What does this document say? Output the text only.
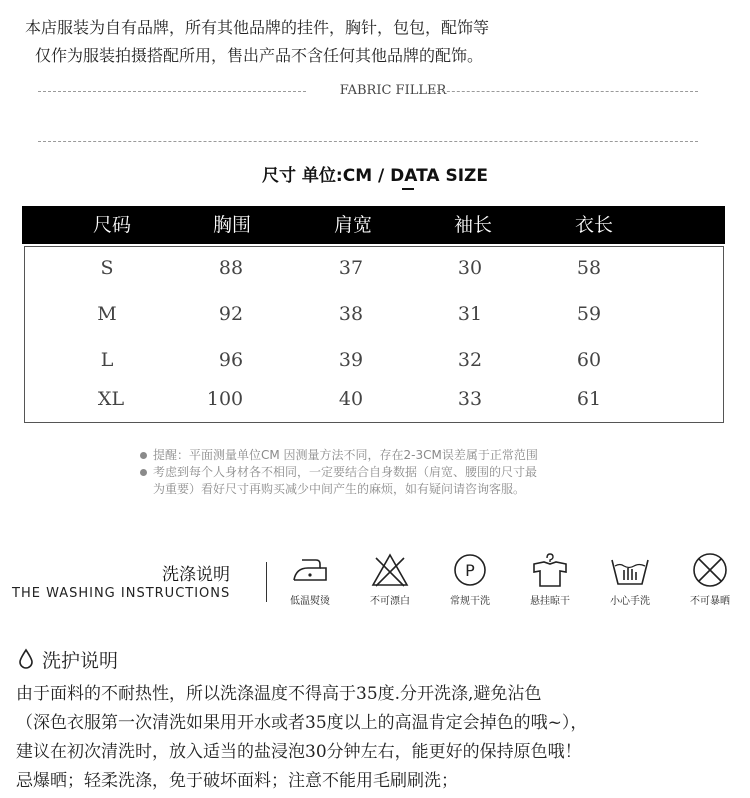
本店服装为自有品牌，所有其他品牌的挂件，胸针，包包，配饰等
仅作为服装拍摄搭配所用，售出产品不含任何其他品牌的配饰。
FABRIC FILLER
尺寸 单位:CM / DATA SIZE
尺码	胸围	肩宽	袖长	衣长
S	88	37	30	58
M	92	38	31	59
L	96	39	32	60
XL	100	40	33	61
提醒：平面测量单位CM 因测量方法不同，存在2-3CM误差属于正常范围
考虑到每个人身材各不相同，一定要结合自身数据（肩宽、腰围的尺寸最
为重要）看好尺寸再购买减少中间产生的麻烦，如有疑问请咨询客服。
洗涤说明
THE WASHING INSTRUCTIONS
低温熨烫	不可漂白
P
常规干洗	悬挂晾干	小心手洗	不可暴晒
洗护说明
由于面料的不耐热性，所以洗涤温度不得高于35度.分开洗涤,避免沾色
（深色衣服第一次清洗如果用开水或者35度以上的高温肯定会掉色的哦~），
建议在初次清洗时，放入适当的盐浸泡30分钟左右，能更好的保持原色哦！
忌爆晒；轻柔洗涤，免于破坏面料；注意不能用毛刷刷洗；
